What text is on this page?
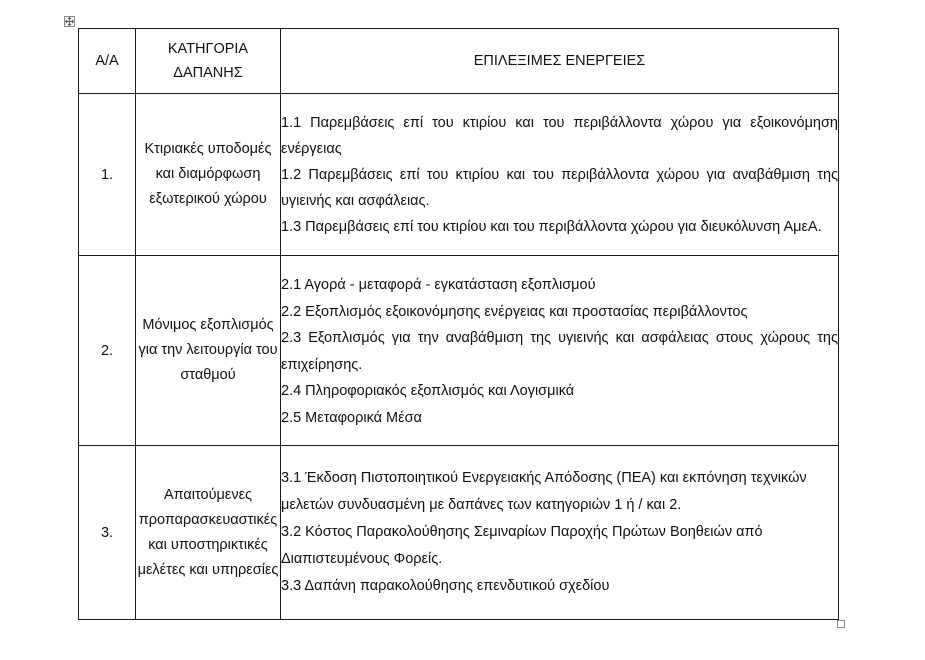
Α/Α	ΚΑΤΗΓΟΡΙΑ ΔΑΠΑΝΗΣ	ΕΠΙΛΕΞΙΜΕΣ ΕΝΕΡΓΕΙΕΣ
1.	Κτιριακές υποδομές και διαμόρφωση εξωτερικού χώρου	1.1 Παρεμβάσεις επί του κτιρίου και του περιβάλλοντα χώρου για εξοικονόμηση ενέργειας
1.2 Παρεμβάσεις επί του κτιρίου και του περιβάλλοντα χώρου για αναβάθμιση της υγιεινής και ασφάλειας.
1.3 Παρεμβάσεις επί του κτιρίου και του περιβάλλοντα χώρου για διευκόλυνση ΑμεΑ.

2.	Μόνιμος εξοπλισμός για την λειτουργία του σταθμού	2.1 Αγορά - μεταφορά - εγκατάσταση εξοπλισμού
2.2 Εξοπλισμός εξοικονόμησης ενέργειας και προστασίας περιβάλλοντος
2.3 Εξοπλισμός για την αναβάθμιση της υγιεινής και ασφάλειας στους χώρους της επιχείρησης.
2.4 Πληροφοριακός εξοπλισμός και Λογισμικά
2.5 Μεταφορικά Μέσα

3.	Απαιτούμενες προπαρασκευαστικές και υποστηρικτικές μελέτες και υπηρεσίες	3.1 Έκδοση Πιστοποιητικού Ενεργειακής Απόδοσης (ΠΕΑ) και εκπόνηση τεχνικών μελετών συνδυασμένη με δαπάνες των κατηγοριών 1 ή / και 2.
3.2 Κόστος Παρακολούθησης Σεμιναρίων Παροχής Πρώτων Βοηθειών από Διαπιστευμένους Φορείς.
3.3 Δαπάνη παρακολούθησης επενδυτικού σχεδίου
